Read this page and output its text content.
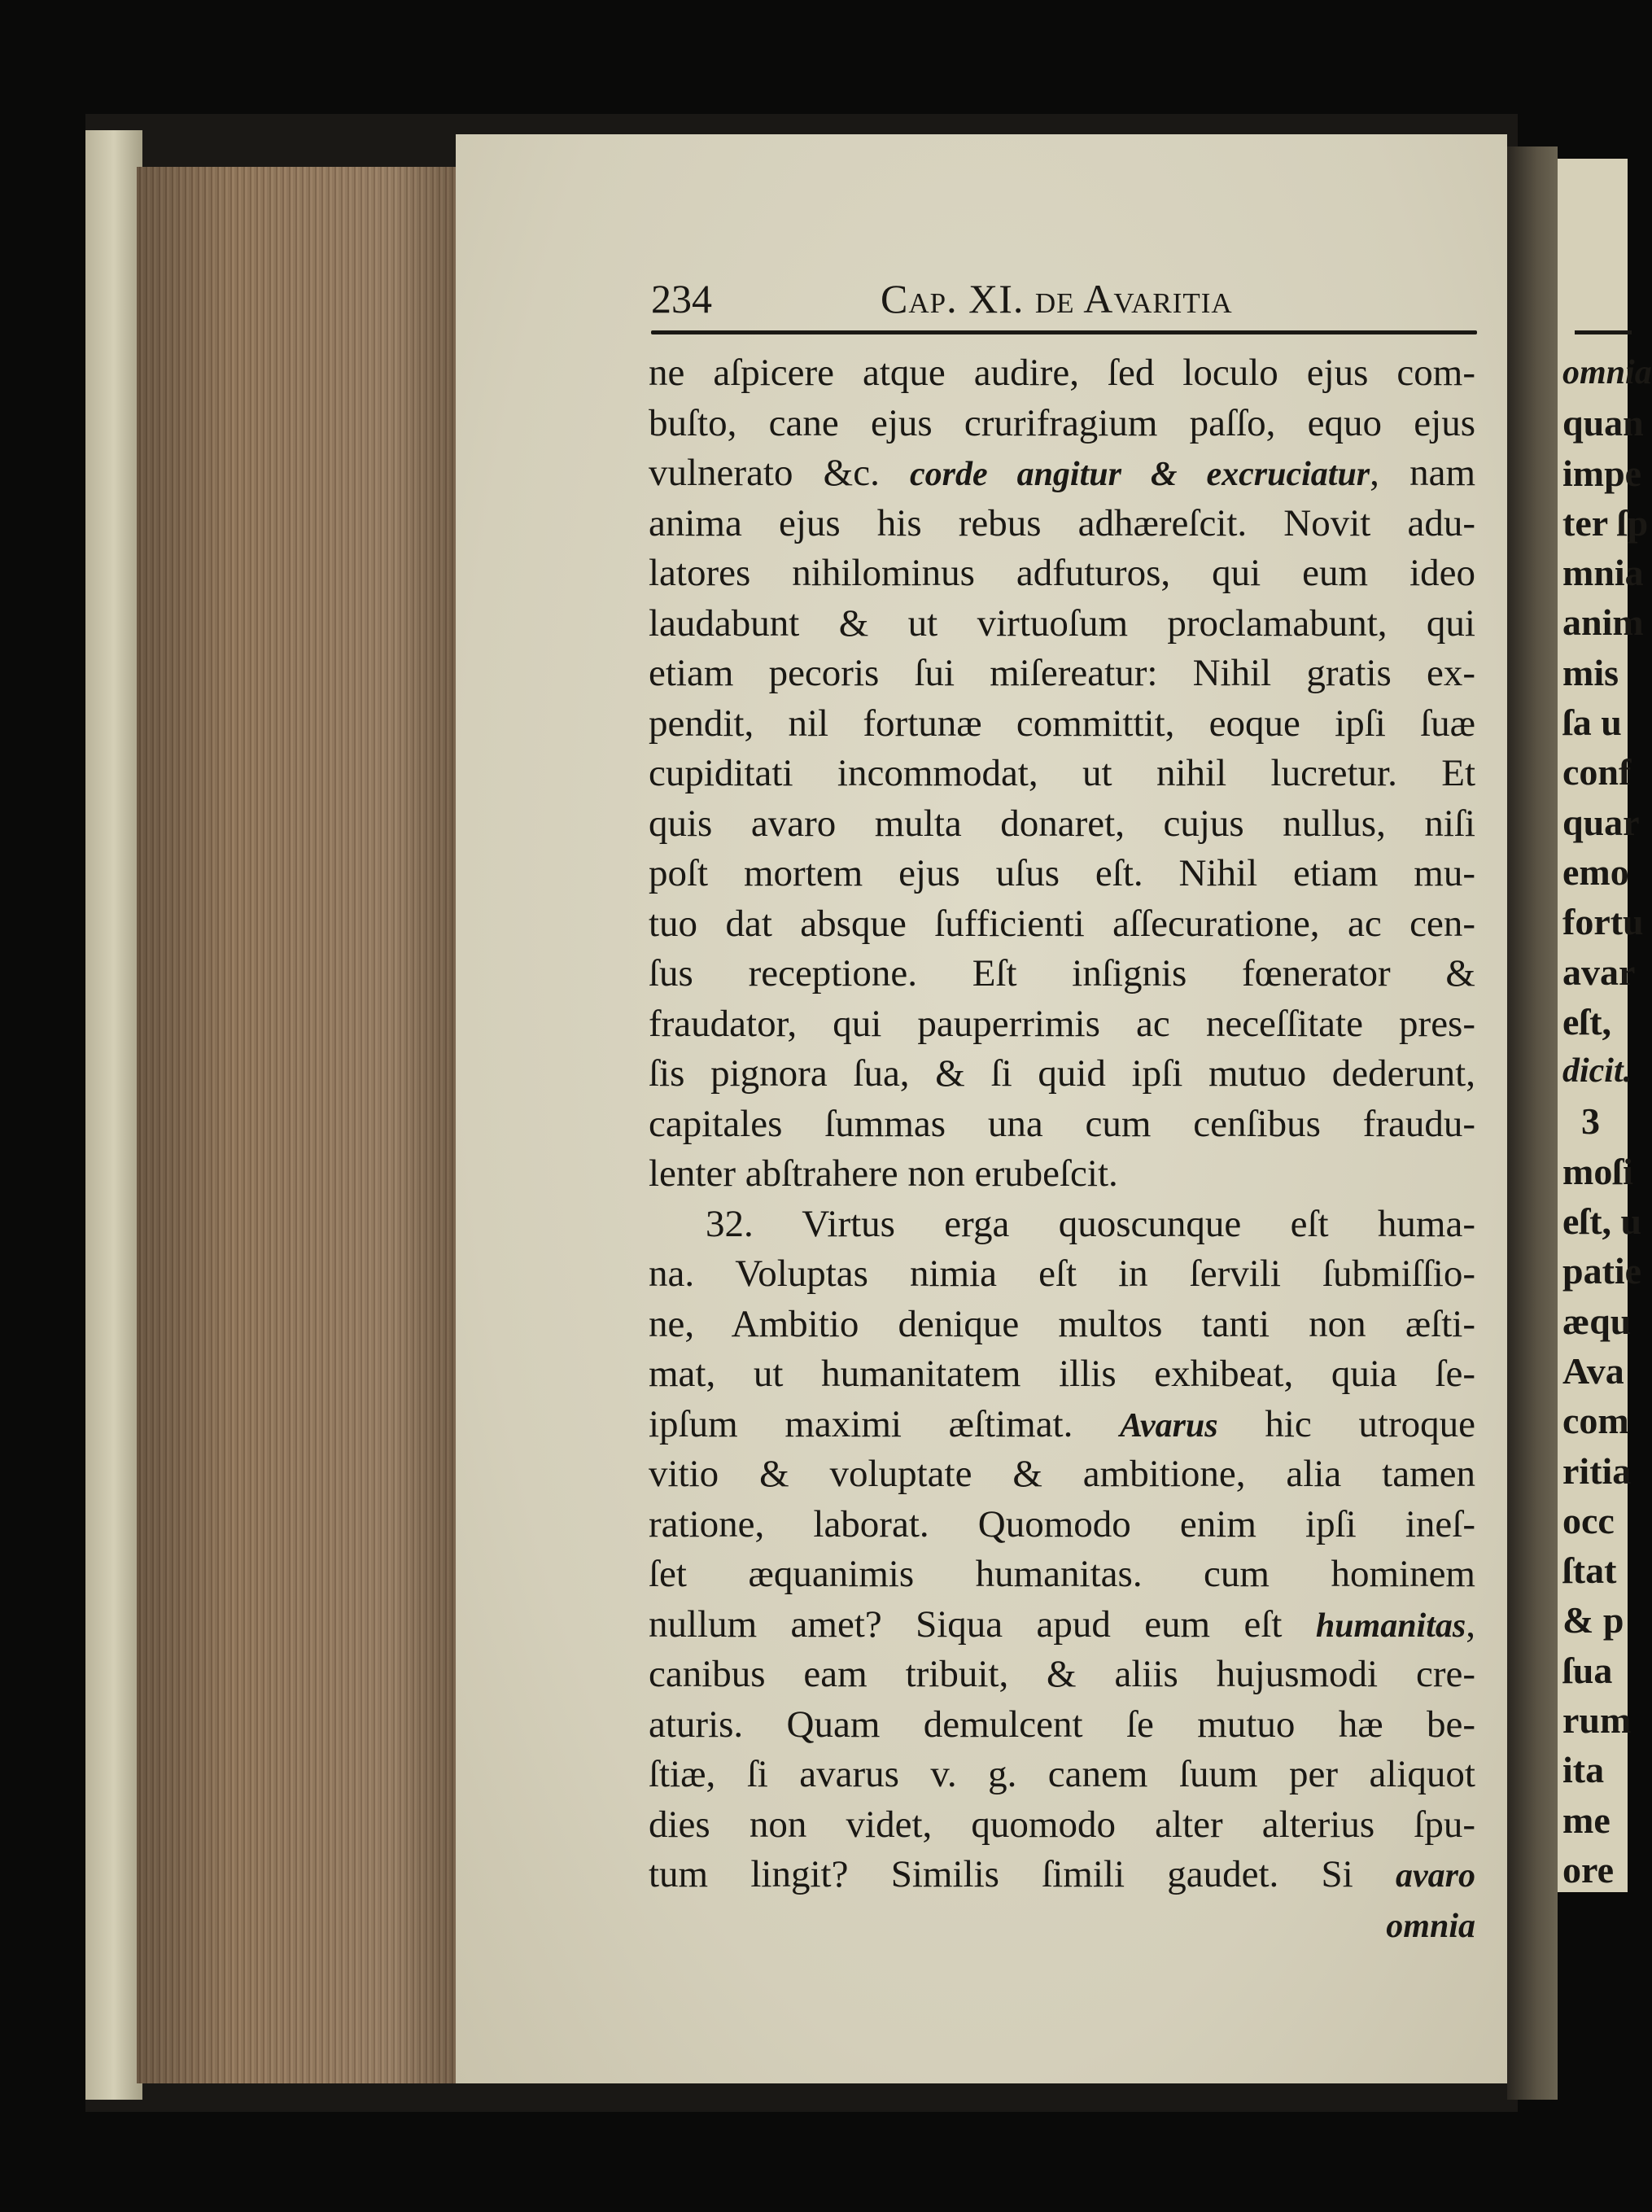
234	Cap. XI. de Avaritia
ne aſpicere atque audire, ſed loculo ejus com-
buſto, cane ejus crurifragium paſſo, equo ejus
vulnerato &c. corde angitur & excruciatur, nam
anima ejus his rebus adhæreſcit. Novit adu-
latores nihilominus adfuturos, qui eum ideo
laudabunt & ut virtuoſum proclamabunt, qui
etiam pecoris ſui miſereatur: Nihil gratis ex-
pendit, nil fortunæ committit, eoque ipſi ſuæ
cupiditati incommodat, ut nihil lucretur. Et
quis avaro multa donaret, cujus nullus, niſi
poſt mortem ejus uſus eſt. Nihil etiam mu-
tuo dat absque ſufficienti aſſecuratione, ac cen-
ſus receptione. Eſt inſignis fœnerator &
fraudator, qui pauperrimis ac neceſſitate pres-
ſis pignora ſua, & ſi quid ipſi mutuo dederunt,
capitales ſummas una cum cenſibus fraudu-
lenter abſtrahere non erubeſcit.
32. Virtus erga quoscunque eſt huma-
na. Voluptas nimia eſt in ſervili ſubmiſſio-
ne, Ambitio denique multos tanti non æſti-
mat, ut humanitatem illis exhibeat, quia ſe-
ipſum maximi æſtimat. Avarus hic utroque
vitio & voluptate & ambitione, alia tamen
ratione, laborat. Quomodo enim ipſi ineſ-
ſet æquanimis humanitas. cum hominem
nullum amet? Siqua apud eum eſt humanitas,
canibus eam tribuit, & aliis hujusmodi cre-
aturis. Quam demulcent ſe mutuo hæ be-
ſtiæ, ſi avarus v. g. canem ſuum per aliquot
dies non videt, quomodo alter alterius ſpu-
tum lingit? Similis ſimili gaudet. Si avaro
omnia
omnia
quan
impe
ter ſp
mnia
anim
mis
ſa u
conf
quar
emo
fortu
avar
eſt,
dicit.
3
moſi
eſt, u
patie
æqu
Ava
com
ritia
occ
ſtat
& p
ſua
rum
ita
me
ore
